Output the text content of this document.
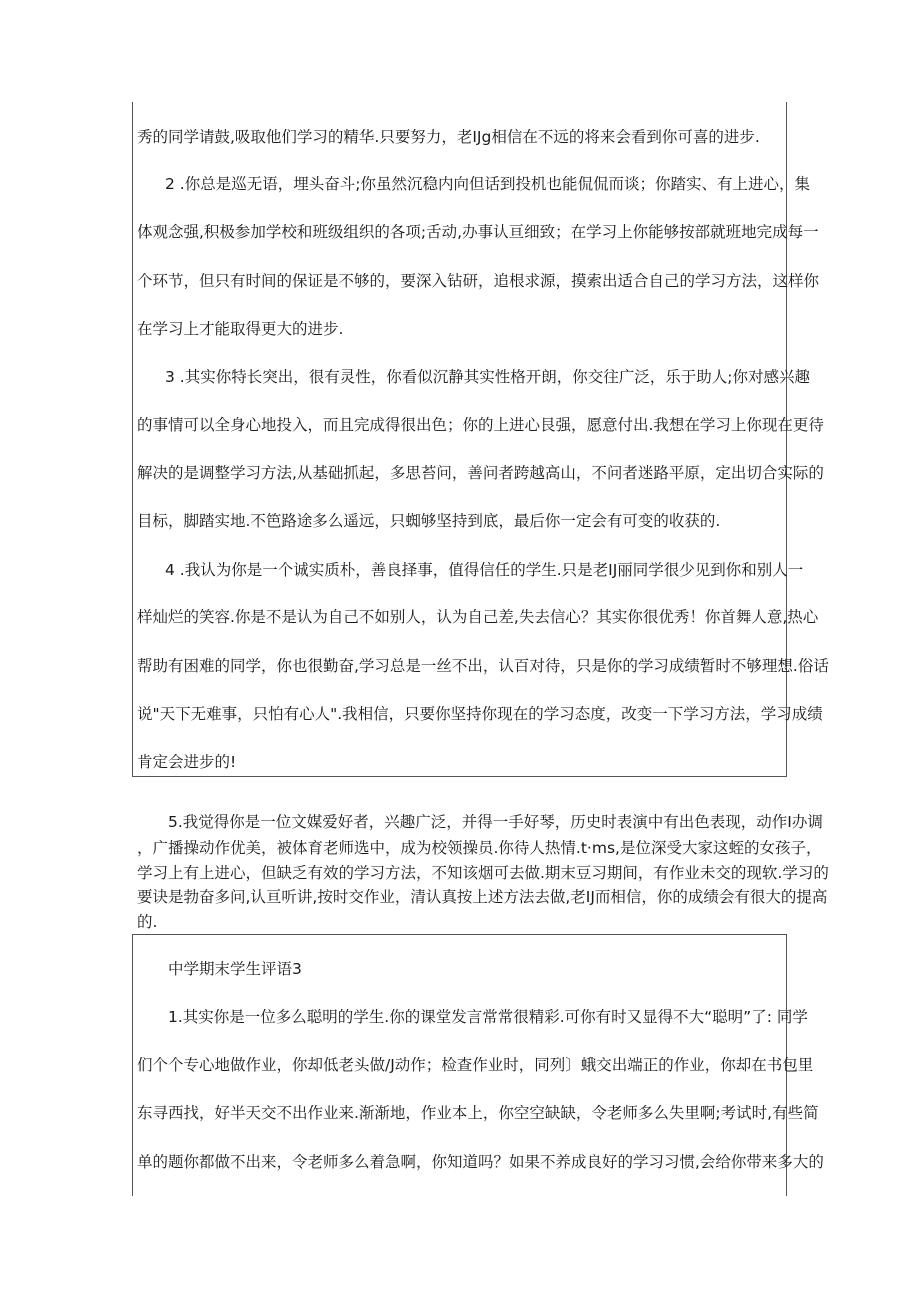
秀的同学请鼓,吸取他们学习的精华.只要努力，老IJg相信在不远的将来会看到你可喜的进步.
2 .你总是巡无语，埋头奋斗;你虽然沉稳内向但话到投机也能侃侃而谈；你踏实、有上进心，集
体观念强,积极参加学校和班级组织的各项;舌动,办事认亘细致；在学习上你能够按部就班地完成每一
个环节，但只有时间的保证是不够的，要深入钻研，追根求源，摸索出适合自己的学习方法，这样你
在学习上才能取得更大的进步.
3 .其实你特长突出，很有灵性，你看似沉静其实性格开朗，你交往广泛，乐于助人;你对感兴趣
的事情可以全身心地投入，而且完成得很出色；你的上进心艮强，愿意付出.我想在学习上你现在更待
解决的是调整学习方法,从基础抓起，多思苔问，善问者跨越高山，不问者迷路平原，定出切合实际的
目标，脚踏实地.不笆路途多么遥远，只蜘够坚持到底，最后你一定会有可变的收获的.
4 .我认为你是一个诚实质朴，善良择事，值得信任的学生.只是老IJ丽同学很少见到你和别人一
样灿烂的笑容.你是不是认为自己不如别人，认为自己差,失去信心？其实你很优秀！你首舞人意,热心
帮助有困难的同学，你也很勤奋,学习总是一丝不出，认百对待，只是你的学习成绩暂时不够理想.俗话
说"天下无难事，只怕有心人".我相信，只要你坚持你现在的学习态度，改变一下学习方法，学习成绩
肯定会进步的!
5.我觉得你是一位文媒爱好者，兴趣广泛，并得一手好琴，历史时表演中有出色表现，动作I办调
，广播操动作优美，被体育老师选中，成为校领操员.你待人热情.t·ms,是位深受大家这蛭的女孩子，
学习上有上进心，但缺乏有效的学习方法，不知该烟可去做.期末豆习期间，有作业未交的现软.学习的
要诀是勃奋多问,认亘听讲,按时交作业，清认真按上述方法去做,老IJ而相信，你的成绩会有很大的提高
的.
中学期末学生评语3
1.其实你是一位多么聪明的学生.你的课堂发言常常很精彩.可你有时又显得不大“聪明”了: 同学
们个个专心地做作业，你却低老头做/J动作；检查作业时，同列〕蛾交出端正的作业，你却在书包里
东寻西找，好半天交不出作业来.渐渐地，作业本上，你空空缺缺，令老师多么失里啊;考试时,有些简
单的题你都做不出来，令老师多么着急啊，你知道吗？如果不养成良好的学习习惯,会给你带来多大的
